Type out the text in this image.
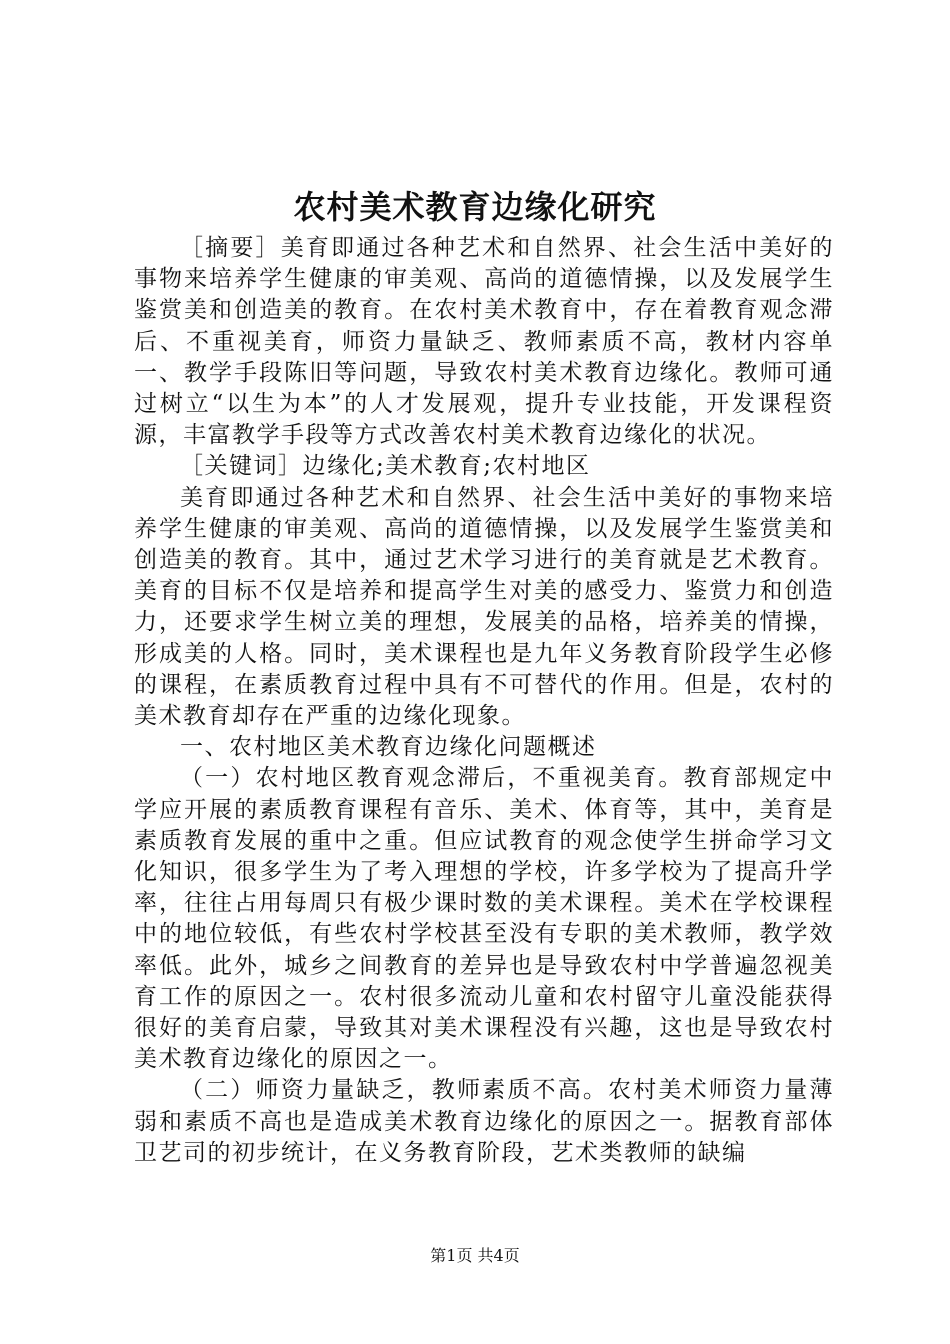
农村美术教育边缘化研究

［摘要］美育即通过各种艺术和自然界、社会生活中美好的事物来培养学生健康的审美观、高尚的道德情操，以及发展学生鉴赏美和创造美的教育。在农村美术教育中，存在着教育观念滞后、不重视美育，师资力量缺乏、教师素质不高，教材内容单一、教学手段陈旧等问题，导致农村美术教育边缘化。教师可通过树立“以生为本”的人才发展观，提升专业技能，开发课程资源，丰富教学手段等方式改善农村美术教育边缘化的状况。

［关键词］边缘化;美术教育;农村地区

美育即通过各种艺术和自然界、社会生活中美好的事物来培养学生健康的审美观、高尚的道德情操，以及发展学生鉴赏美和创造美的教育。其中，通过艺术学习进行的美育就是艺术教育。美育的目标不仅是培养和提高学生对美的感受力、鉴赏力和创造力，还要求学生树立美的理想，发展美的品格，培养美的情操，形成美的人格。同时，美术课程也是九年义务教育阶段学生必修的课程，在素质教育过程中具有不可替代的作用。但是，农村的美术教育却存在严重的边缘化现象。

一、农村地区美术教育边缘化问题概述

（一）农村地区教育观念滞后，不重视美育。教育部规定中学应开展的素质教育课程有音乐、美术、体育等，其中，美育是素质教育发展的重中之重。但应试教育的观念使学生拼命学习文化知识，很多学生为了考入理想的学校，许多学校为了提高升学率，往往占用每周只有极少课时数的美术课程。美术在学校课程中的地位较低，有些农村学校甚至没有专职的美术教师，教学效率低。此外，城乡之间教育的差异也是导致农村中学普遍忽视美育工作的原因之一。农村很多流动儿童和农村留守儿童没能获得很好的美育启蒙，导致其对美术课程没有兴趣，这也是导致农村美术教育边缘化的原因之一。

（二）师资力量缺乏，教师素质不高。农村美术师资力量薄弱和素质不高也是造成美术教育边缘化的原因之一。据教育部体卫艺司的初步统计，在义务教育阶段，艺术类教师的缺编

第1页 共4页
